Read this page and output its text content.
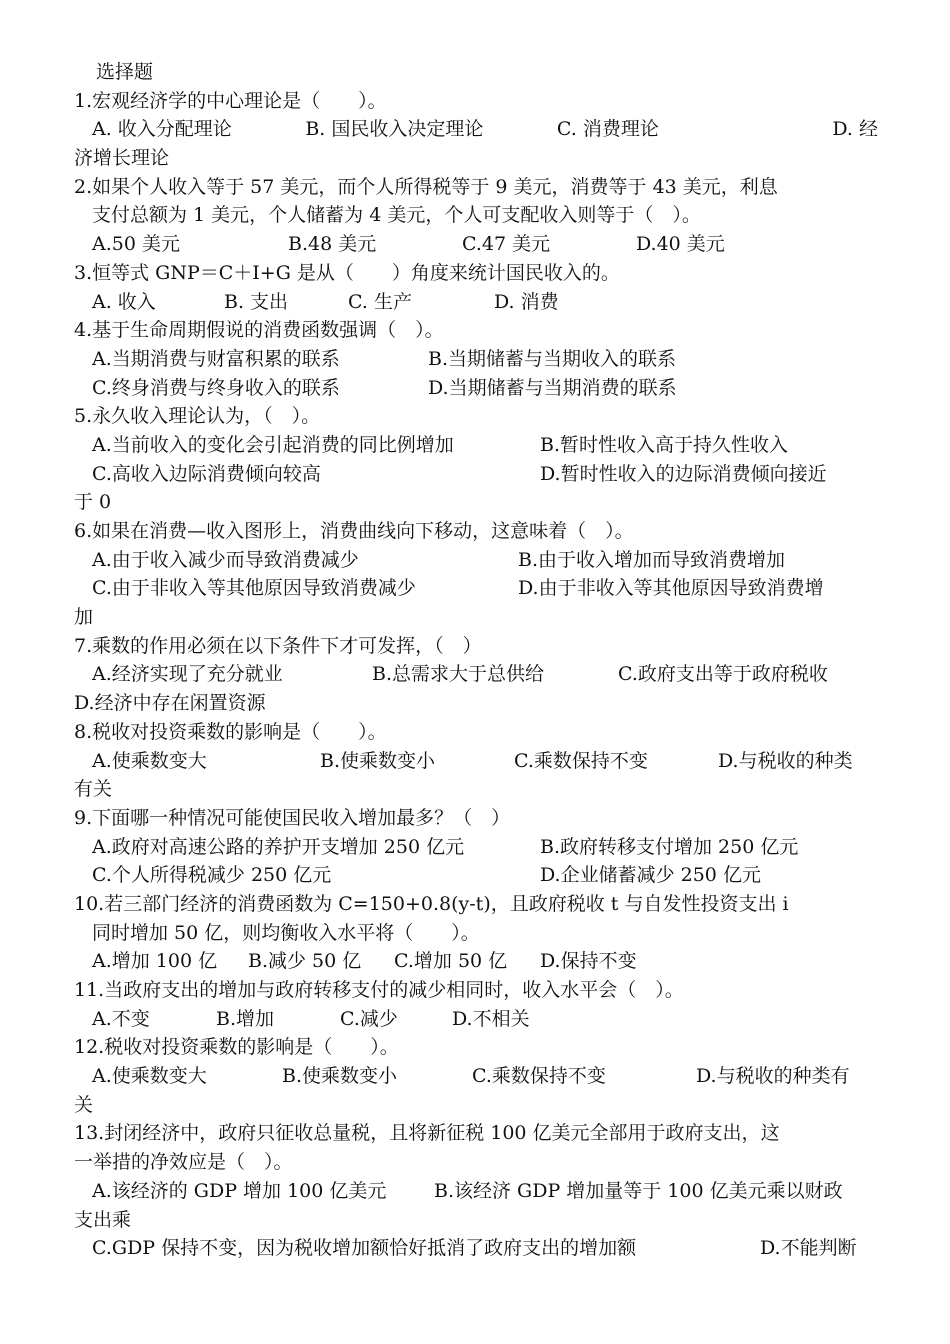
选择题
1.宏观经济学的中心理论是（　　）。
A. 收入分配理论	B. 国民收入决定理论	C. 消费理论	D. 经
济增长理论
2.如果个人收入等于 57 美元，而个人所得税等于 9 美元，消费等于 43 美元，利息
支付总额为 1 美元，个人储蓄为 4 美元，个人可支配收入则等于（　）。
A.50 美元	B.48 美元	C.47 美元	D.40 美元
3.恒等式 GNP＝C＋I+G 是从（　　）角度来统计国民收入的。
A. 收入	B. 支出	C. 生产	D. 消费
4.基于生命周期假说的消费函数强调（　）。
A.当期消费与财富积累的联系	B.当期储蓄与当期收入的联系
C.终身消费与终身收入的联系	D.当期储蓄与当期消费的联系
5.永久收入理论认为，（　）。
A.当前收入的变化会引起消费的同比例增加	B.暂时性收入高于持久性收入
C.高收入边际消费倾向较高	D.暂时性收入的边际消费倾向接近
于 0
6.如果在消费—收入图形上，消费曲线向下移动，这意味着（　）。
A.由于收入减少而导致消费减少	B.由于收入增加而导致消费增加
C.由于非收入等其他原因导致消费减少	D.由于非收入等其他原因导致消费增
加
7.乘数的作用必须在以下条件下才可发挥，（　）
A.经济实现了充分就业	B.总需求大于总供给	C.政府支出等于政府税收
D.经济中存在闲置资源
8.税收对投资乘数的影响是（　　）。
A.使乘数变大	B.使乘数变小	C.乘数保持不变	D.与税收的种类
有关
9.下面哪一种情况可能使国民收入增加最多？（　）
A.政府对高速公路的养护开支增加 250 亿元	B.政府转移支付增加 250 亿元
C.个人所得税减少 250 亿元	D.企业储蓄减少 250 亿元
10.若三部门经济的消费函数为 C=150+0.8(y-t)，且政府税收 t 与自发性投资支出 i
同时增加 50 亿，则均衡收入水平将（　　）。
A.增加 100 亿 B.减少 50 亿 C.增加 50 亿 D.保持不变
11.当政府支出的增加与政府转移支付的减少相同时，收入水平会（　）。
A.不变	B.增加	C.减少	D.不相关
12.税收对投资乘数的影响是（　　）。
A.使乘数变大	B.使乘数变小	C.乘数保持不变	D.与税收的种类有
关
13.封闭经济中，政府只征收总量税，且将新征税 100 亿美元全部用于政府支出，这
一举措的净效应是（　）。
A.该经济的 GDP 增加 100 亿美元	B.该经济 GDP 增加量等于 100 亿美元乘以财政
支出乘
C.GDP 保持不变，因为税收增加额恰好抵消了政府支出的增加额	D.不能判断
